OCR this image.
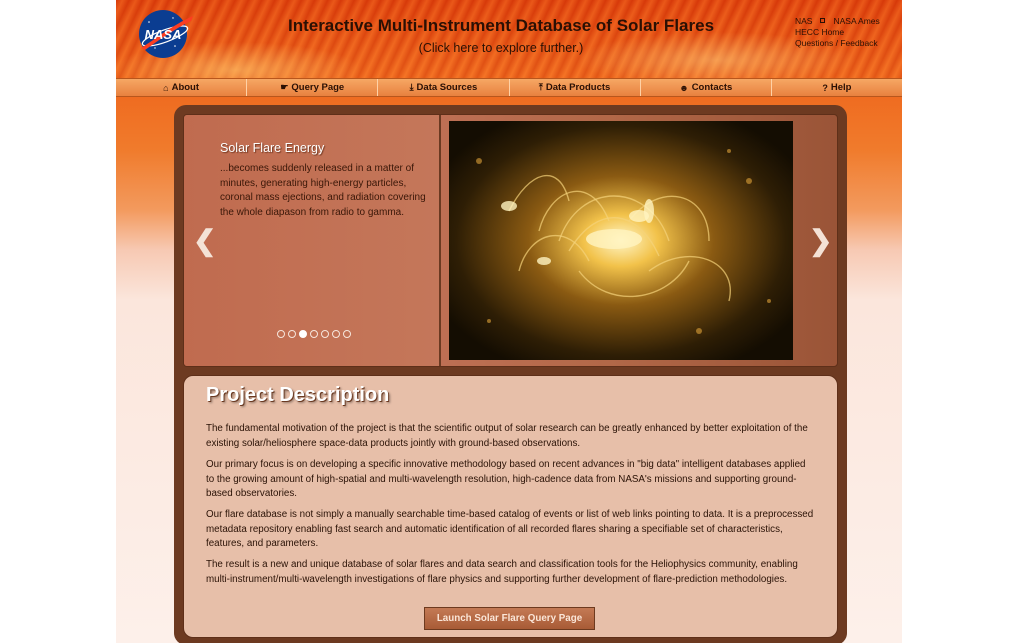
NASA	Interactive Multi-Instrument Database of Solar Flares
(Click here to explore further.)
NAS NASA Ames
HECC Home
Questions / Feedback
⌂ About	☛ Query Page	⤓ Data Sources	⤒ Data Products	☻ Contacts	? Help
Solar Flare Energy
...becomes suddenly released in a matter of minutes, generating high-energy particles, coronal mass ejections, and radiation covering the whole diapason from radio to gamma.
❮	❯
Project Description
The fundamental motivation of the project is that the scientific output of solar research can be greatly enhanced by better exploitation of the existing solar/heliosphere space-data products jointly with ground-based observations.
Our primary focus is on developing a specific innovative methodology based on recent advances in "big data" intelligent databases applied to the growing amount of high-spatial and multi-wavelength resolution, high-cadence data from NASA's missions and supporting ground-based observatories.
Our flare database is not simply a manually searchable time-based catalog of events or list of web links pointing to data. It is a preprocessed metadata repository enabling fast search and automatic identification of all recorded flares sharing a specifiable set of characteristics, features, and parameters.
The result is a new and unique database of solar flares and data search and classification tools for the Heliophysics community, enabling multi-instrument/multi-wavelength investigations of flare physics and supporting further development of flare-prediction methodologies.
Launch Solar Flare Query Page
